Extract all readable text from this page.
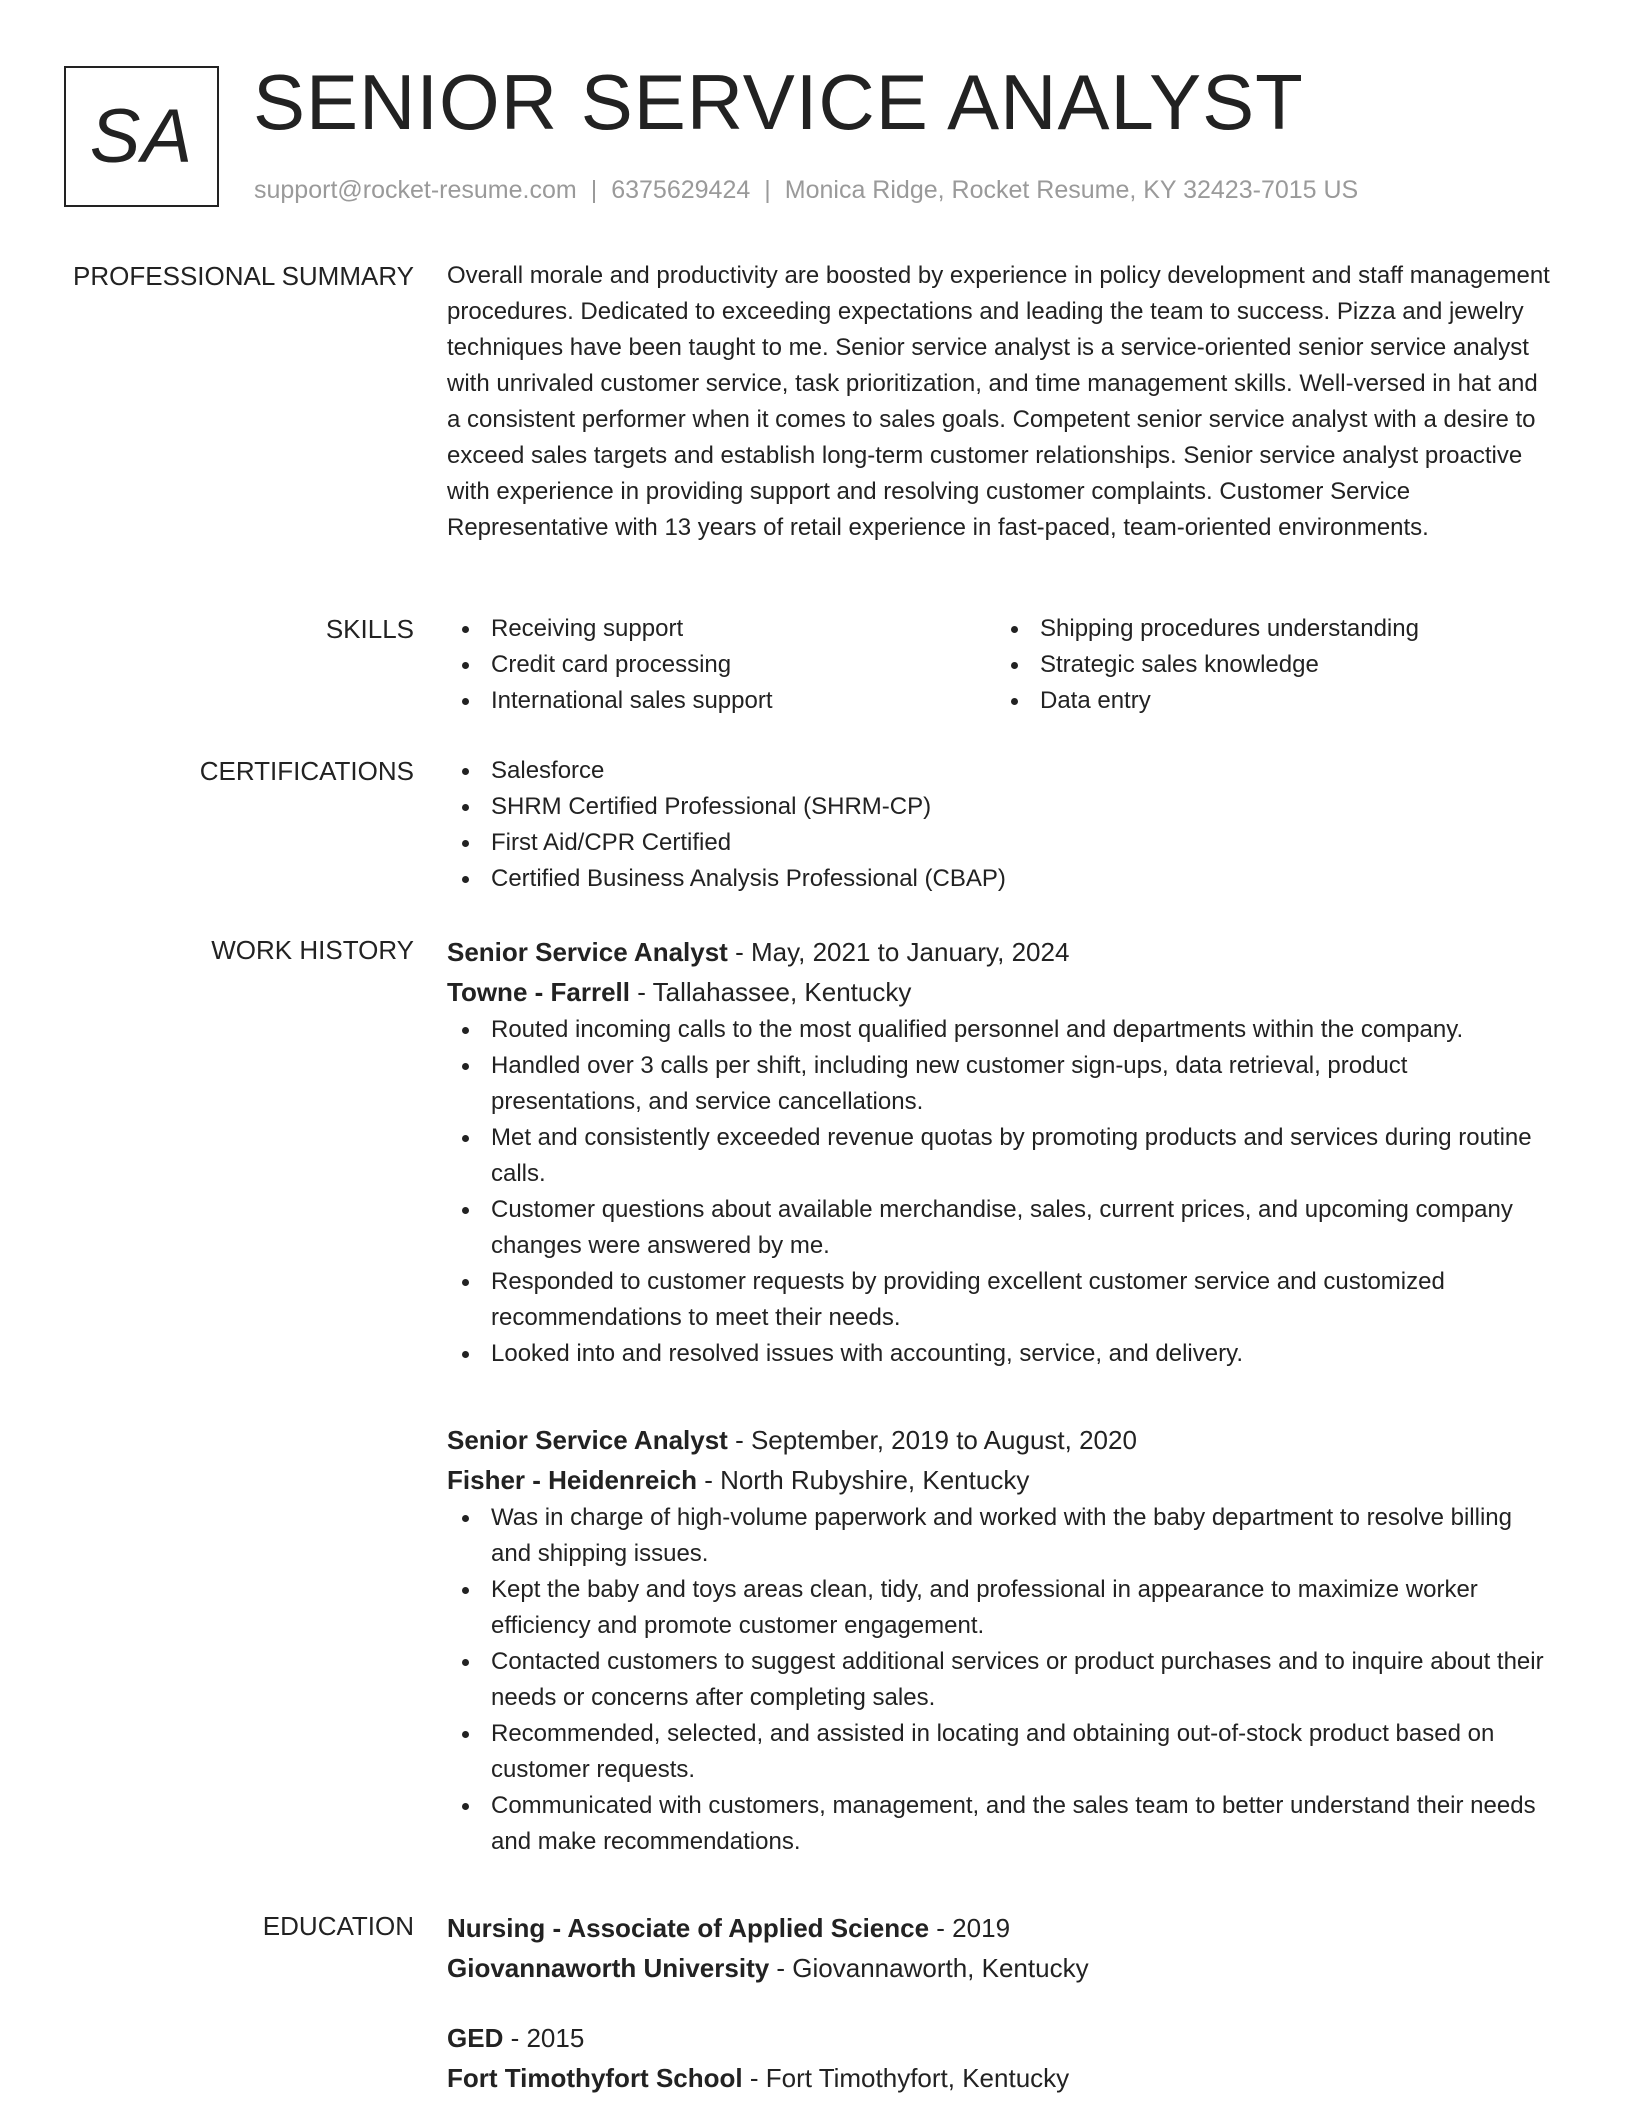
SA SENIOR SERVICE ANALYST
support@rocket-resume.com | 6375629424 | Monica Ridge, Rocket Resume, KY 32423-7015 US
PROFESSIONAL SUMMARY Overall morale and productivity are boosted by experience in policy development and staff management procedures. Dedicated to exceeding expectations and leading the team to success. Pizza and jewelry techniques have been taught to me. Senior service analyst is a service-oriented senior service analyst with unrivaled customer service, task prioritization, and time management skills. Well-versed in hat and a consistent performer when it comes to sales goals. Competent senior service analyst with a desire to exceed sales targets and establish long-term customer relationships. Senior service analyst proactive with experience in providing support and resolving customer complaints. Customer Service Representative with 13 years of retail experience in fast-paced, team-oriented environments.

SKILLS	Receiving support
Credit card processing
International sales support
Shipping procedures understanding
Strategic sales knowledge
Data entry
CERTIFICATIONS	Salesforce
SHRM Certified Professional (SHRM-CP)
First Aid/CPR Certified
Certified Business Analysis Professional (CBAP)
WORK HISTORY Senior Service Analyst - May, 2021 to January, 2024
Towne - Farrell - Tallahassee, Kentucky
Routed incoming calls to the most qualified personnel and departments within the company.
Handled over 3 calls per shift, including new customer sign-ups, data retrieval, product presentations, and service cancellations.
Met and consistently exceeded revenue quotas by promoting products and services during routine calls.
Customer questions about available merchandise, sales, current prices, and upcoming company changes were answered by me.
Responded to customer requests by providing excellent customer service and customized recommendations to meet their needs.
Looked into and resolved issues with accounting, service, and delivery.
Senior Service Analyst - September, 2019 to August, 2020
Fisher - Heidenreich - North Rubyshire, Kentucky
Was in charge of high-volume paperwork and worked with the baby department to resolve billing and shipping issues.
Kept the baby and toys areas clean, tidy, and professional in appearance to maximize worker efficiency and promote customer engagement.
Contacted customers to suggest additional services or product purchases and to inquire about their needs or concerns after completing sales.
Recommended, selected, and assisted in locating and obtaining out-of-stock product based on customer requests.
Communicated with customers, management, and the sales team to better understand their needs and make recommendations.
EDUCATION Nursing - Associate of Applied Science - 2019
Giovannaworth University - Giovannaworth, Kentucky
GED - 2015
Fort Timothyfort School - Fort Timothyfort, Kentucky
